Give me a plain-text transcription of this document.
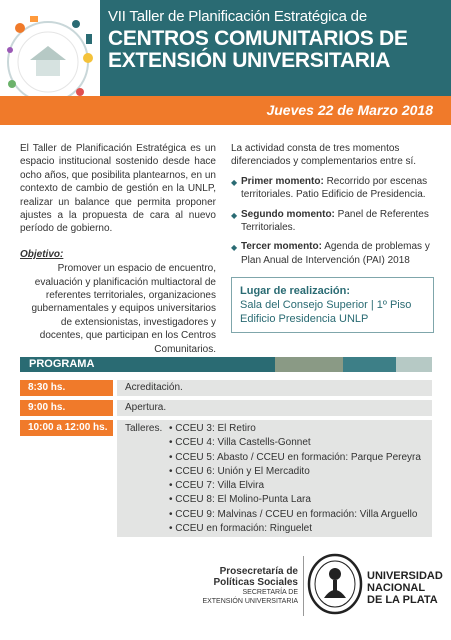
VII Taller de Planificación Estratégica de
CENTROS COMUNITARIOS DE
EXTENSIÓN UNIVERSITARIA
Jueves 22 de Marzo 2018

El Taller de Planificación Estratégica es un espacio institucional sostenido desde hace ocho años, que posibilita plantearnos, en un contexto de cambio de gestión en la UNLP, realizar un balance que permita proponer ajustes a la propuesta de cara al nuevo período de gobierno.

Objetivo:

Promover un espacio de encuentro, evaluación y planificación multiactoral de referentes territoriales, organizaciones gubernamentales y equipos universitarios de extensionistas, investigadores y docentes, que participan en los Centros Comunitarios.

La actividad consta de tres momentos diferenciados y complementarios entre sí.

◆ Primer momento: Recorrido por escenas territoriales. Patio Edificio de Presidencia.
◆ Segundo momento: Panel de Referentes Territoriales.
◆ Tercer momento: Agenda de problemas y Plan Anual de Intervención (PAI) 2018
Lugar de realización:
Sala del Consejo Superior | 1º Piso
Edificio Presidencia UNLP
PROGRAMA
8:30 hs.	Acreditación.
9:00 hs.	Apertura.
10:00 a 12:00 hs.	Talleres.
•	CCEU 3: El Retiro
• CCEU 4: Villa Castells-Gonnet
• CCEU 5: Abasto / CCEU en formación: Parque Pereyra
• CCEU 6: Unión y El Mercadito
• CCEU 7: Villa Elvira
• CCEU 8: El Molino-Punta Lara
• CCEU 9: Malvinas / CCEU en formación: Villa Arguello
• CCEU en formación: Ringuelet
Prosecretaría de
Políticas Sociales
SECRETARÍA DE
EXTENSIÓN UNIVERSITARIA
UNIVERSIDAD
NACIONAL
DE LA PLATA
